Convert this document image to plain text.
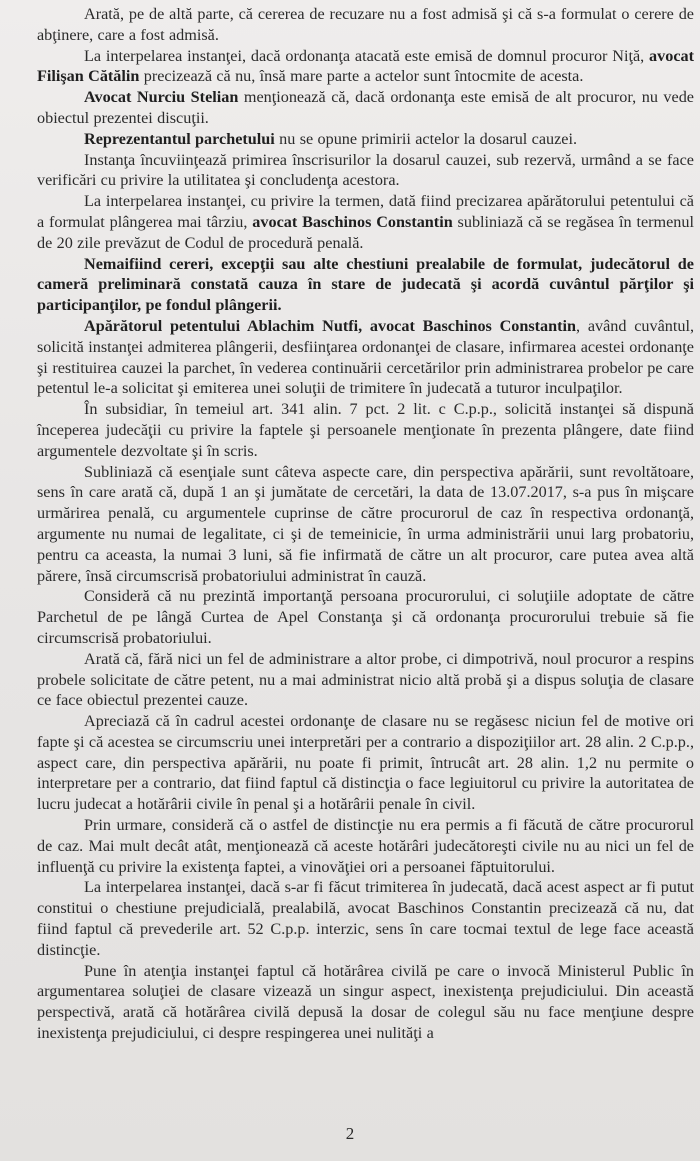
Arată, pe de altă parte, că cererea de recuzare nu a fost admisă şi că s-a formulat o cerere de abţinere, care a fost admisă.

La interpelarea instanţei, dacă ordonanţa atacată este emisă de domnul procuror Niţă, avocat Filişan Cătălin precizează că nu, însă mare parte a actelor sunt întocmite de acesta.

Avocat Nurciu Stelian menţionează că, dacă ordonanţa este emisă de alt procuror, nu vede obiectul prezentei discuţii.

Reprezentantul parchetului nu se opune primirii actelor la dosarul cauzei.

Instanţa încuviinţează primirea înscrisurilor la dosarul cauzei, sub rezervă, urmând a se face verificări cu privire la utilitatea şi concludenţa acestora.

La interpelarea instanţei, cu privire la termen, dată fiind precizarea apărătorului petentului că a formulat plângerea mai târziu, avocat Baschinos Constantin subliniază că se regăsea în termenul de 20 zile prevăzut de Codul de procedură penală.

Nemaifiind cereri, excepţii sau alte chestiuni prealabile de formulat, judecătorul de cameră preliminară constată cauza în stare de judecată şi acordă cuvântul părţilor şi participanţilor, pe fondul plângerii.

Apărătorul petentului Ablachim Nutfi, avocat Baschinos Constantin, având cuvântul, solicită instanţei admiterea plângerii, desfiinţarea ordonanţei de clasare, infirmarea acestei ordonanţe şi restituirea cauzei la parchet, în vederea continuării cercetărilor prin administrarea probelor pe care petentul le-a solicitat şi emiterea unei soluţii de trimitere în judecată a tuturor inculpaţilor.

În subsidiar, în temeiul art. 341 alin. 7 pct. 2 lit. c C.p.p., solicită instanţei să dispună începerea judecăţii cu privire la faptele şi persoanele menţionate în prezenta plângere, date fiind argumentele dezvoltate şi în scris.

Subliniază că esenţiale sunt câteva aspecte care, din perspectiva apărării, sunt revoltătoare, sens în care arată că, după 1 an şi jumătate de cercetări, la data de 13.07.2017, s-a pus în mişcare urmărirea penală, cu argumentele cuprinse de către procurorul de caz în respectiva ordonanţă, argumente nu numai de legalitate, ci şi de temeinicie, în urma administrării unui larg probatoriu, pentru ca aceasta, la numai 3 luni, să fie infirmată de către un alt procuror, care putea avea altă părere, însă circumscrisă probatoriului administrat în cauză.

Consideră că nu prezintă importanţă persoana procurorului, ci soluţiile adoptate de către Parchetul de pe lângă Curtea de Apel Constanţa şi că ordonanţa procurorului trebuie să fie circumscrisă probatoriului.

Arată că, fără nici un fel de administrare a altor probe, ci dimpotrivă, noul procuror a respins probele solicitate de către petent, nu a mai administrat nicio altă probă şi a dispus soluţia de clasare ce face obiectul prezentei cauze.

Apreciază că în cadrul acestei ordonanţe de clasare nu se regăsesc niciun fel de motive ori fapte şi că acestea se circumscriu unei interpretări per a contrario a dispoziţiilor art. 28 alin. 2 C.p.p., aspect care, din perspectiva apărării, nu poate fi primit, întrucât art. 28 alin. 1,2 nu permite o interpretare per a contrario, dat fiind faptul că distincţia o face legiuitorul cu privire la autoritatea de lucru judecat a hotărârii civile în penal şi a hotărârii penale în civil.

Prin urmare, consideră că o astfel de distincţie nu era permis a fi făcută de către procurorul de caz. Mai mult decât atât, menţionează că aceste hotărâri judecătoreşti civile nu au nici un fel de influenţă cu privire la existenţa faptei, a vinovăţiei ori a persoanei făptuitorului.

La interpelarea instanţei, dacă s-ar fi făcut trimiterea în judecată, dacă acest aspect ar fi putut constitui o chestiune prejudicială, prealabilă, avocat Baschinos Constantin precizează că nu, dat fiind faptul că prevederile art. 52 C.p.p. interzic, sens în care tocmai textul de lege face această distincţie.

Pune în atenţia instanţei faptul că hotărârea civilă pe care o invocă Ministerul Public în argumentarea soluţiei de clasare vizează un singur aspect, inexistenţa prejudiciului. Din această perspectivă, arată că hotărârea civilă depusă la dosar de colegul său nu face menţiune despre inexistenţa prejudiciului, ci despre respingerea unei nulităţi a

2
